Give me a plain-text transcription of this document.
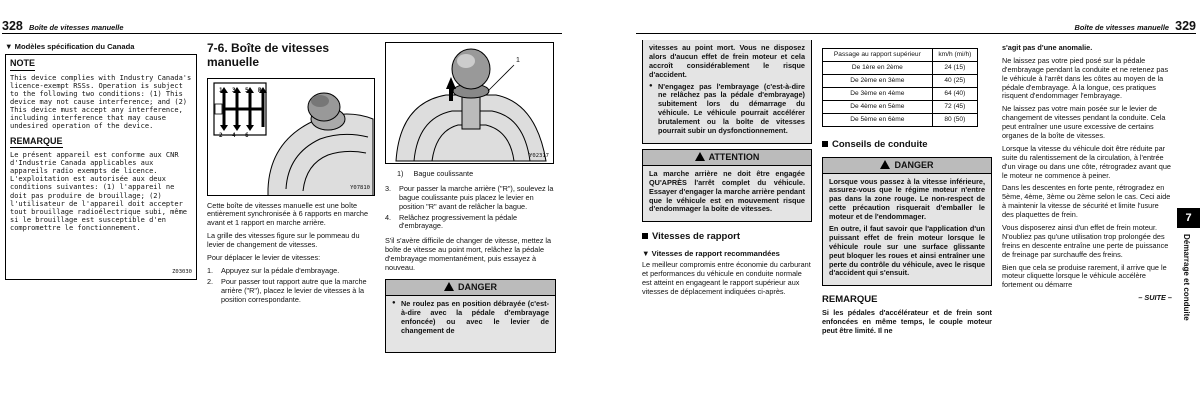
328 Boîte de vitesses manuelle
▼ Modèles spécification du Canada
NOTE

This device complies with Industry Canada's licence-exempt RSSs. Operation is subject to the following two conditions: (1) This device may not cause interference; and (2) This device must accept any interference, including interference that may cause undesired operation of the device.

REMARQUE

Le présent appareil est conforme aux CNR d'Industrie Canada applicables aux appareils radio exempts de licence. L'exploitation est autorisée aux deux conditions suivantes: (1) l'appareil ne doit pas produire de brouillage; (2) l'utilisateur de l'appareil doit accepter tout brouillage radioélectrique subi, même si le brouillage est susceptible d'en compromettre le fonctionnement.

Z03030
7-6. Boîte de vitesses manuelle
1 3 5 R
2 4 6
Y07810

Cette boîte de vitesses manuelle est une boîte entièrement synchronisée à 6 rapports en marche avant et 1 rapport en marche arrière.

La grille des vitesses figure sur le pommeau du levier de changement de vitesses.

Pour déplacer le levier de vitesses:

1. Appuyez sur la pédale d'embrayage.
2. Pour passer tout rapport autre que la marche arrière ("R"), placez le levier de vitesses à la position correspondante.
1
Y02317
1) Bague coulissante
3. Pour passer la marche arrière ("R"), soulevez la bague coulissante puis placez le levier en position "R" avant de relâcher la bague.
4. Relâchez progressivement la pédale d'embrayage.

S'il s'avère difficile de changer de vitesse, mettez la boîte de vitesse au point mort, relâchez la pédale d'embrayage momentanément, puis essayez à nouveau.

DANGER
● Ne roulez pas en position débrayée (c'est-à-dire avec la pédale d'embrayage enfoncée) ou avec le levier de changement de
Boîte de vitesses manuelle 329

vitesses au point mort. Vous ne disposez alors d'aucun effet de frein moteur et cela accroît considérablement le risque d'accident.

● N'engagez pas l'embrayage (c'est-à-dire ne relâchez pas la pédale d'embrayage) subitement lors du démarrage du véhicule. Le véhicule pourrait accélérer brutalement ou la boîte de vitesses pourrait subir un dysfonctionnement.
ATTENTION

La marche arrière ne doit être engagée QU'APRÈS l'arrêt complet du véhicule. Essayer d'engager la marche arrière pendant que le véhicule est en mouvement risque d'endommager la boîte de vitesses.

Vitesses de rapport
▼ Vitesses de rapport recommandées

Le meilleur compromis entre économie du carburant et performances du véhicule en conduite normale est atteint en engageant le rapport supérieur aux vitesses de déplacement indiquées ci-après.

Passage au rapport supérieur	km/h (mi/h)
De 1ère en 2ème	24 (15)
De 2ème en 3ème	40 (25)
De 3ème en 4ème	64 (40)
De 4ème en 5ème	72 (45)
De 5ème en 6ème	80 (50)
Conseils de conduite
DANGER

Lorsque vous passez à la vitesse inférieure, assurez-vous que le régime moteur n'entre pas dans la zone rouge. Le non-respect de cette précaution risquerait d'emballer le moteur et de l'endommager.

En outre, il faut savoir que l'application d'un puissant effet de frein moteur lorsque le véhicule roule sur une surface glissante peut bloquer les roues et ainsi entraîner une perte du contrôle du véhicule, avec le risque d'accident qui s'ensuit.

REMARQUE

Si les pédales d'accélérateur et de frein sont enfoncées en même temps, le couple moteur peut être limité. Il ne

s'agit pas d'une anomalie.

Ne laissez pas votre pied posé sur la pédale d'embrayage pendant la conduite et ne retenez pas le véhicule à l'arrêt dans les côtes au moyen de la pédale d'embrayage. À la longue, ces pratiques risquent d'endommager l'embrayage.

Ne laissez pas votre main posée sur le levier de changement de vitesses pendant la conduite. Cela peut entraîner une usure excessive de certains organes de la boîte de vitesses.

Lorsque la vitesse du véhicule doit être réduite par suite du ralentissement de la circulation, à l'entrée d'un virage ou dans une côte, rétrogradez avant que le moteur ne commence à peiner.

Dans les descentes en forte pente, rétrogradez en 5ème, 4ème, 3ème ou 2ème selon le cas. Ceci aide à maintenir la vitesse de sécurité et limite l'usure des plaquettes de frein.

Vous disposerez ainsi d'un effet de frein moteur. N'oubliez pas qu'une utilisation trop prolongée des freins en descente entraîne une perte de puissance de freinage par surchauffe des freins.

Bien que cela se produise rarement, il arrive que le moteur cliquette lorsque le véhicule accélère fortement ou démarre

– SUITE –
7
Démarrage et conduite
